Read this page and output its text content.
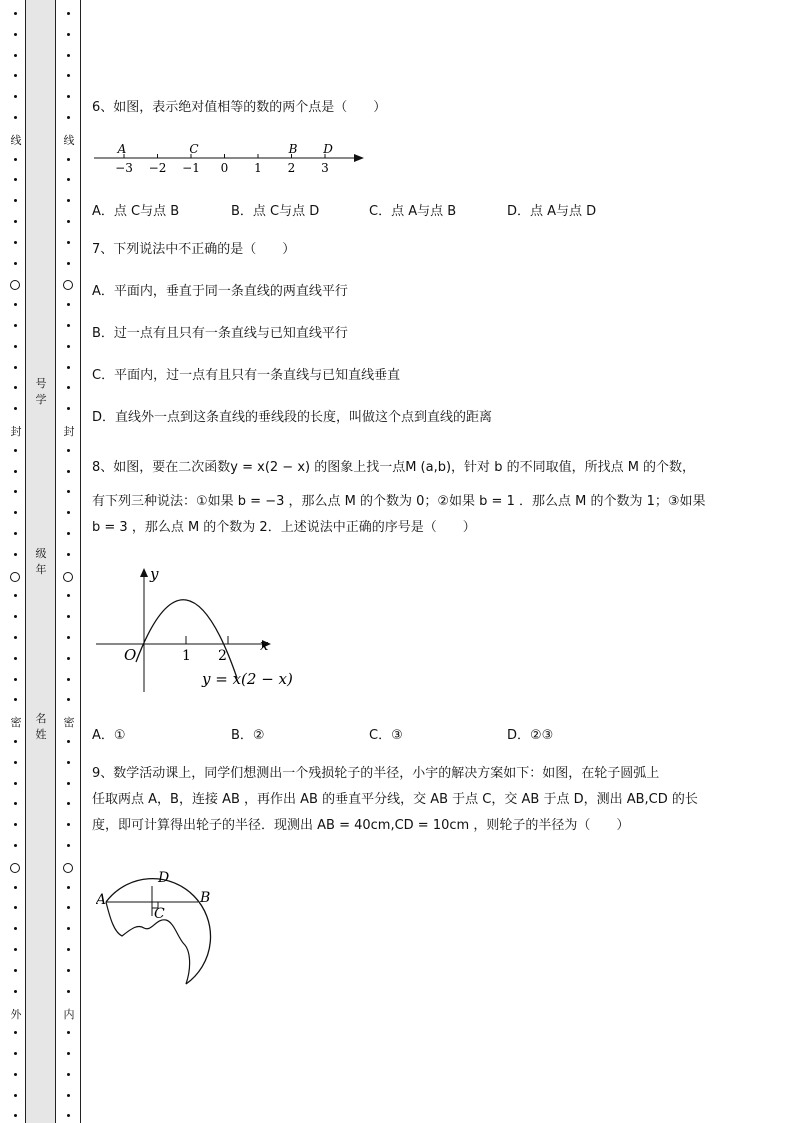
线
封
密
外
线
封
密
内
号学
级年
名姓
6、如图，表示绝对值相等的数的两个点是（　　）
−3 −2 −1 0 1 2 3
A	C	B D
A．点 C与点 B	B．点 C与点 D	C．点 A与点 B	D．点 A与点 D
7、下列说法中不正确的是（　　）
A．平面内，垂直于同一条直线的两直线平行
B．过一点有且只有一条直线与已知直线平行
C．平面内，过一点有且只有一条直线与已知直线垂直
D．直线外一点到这条直线的垂线段的长度，叫做这个点到直线的距离
8、如图，要在二次函数y = x(2 − x) 的图象上找一点M (a,b)，针对 b 的不同取值，所找点 M 的个数，
有下列三种说法：①如果 b = −3 ，那么点 M 的个数为 0；②如果 b = 1 ．那么点 M 的个数为 1；③如果
b = 3 ，那么点 M 的个数为 2．上述说法中正确的序号是（　　）
y
x
O	1 2
y = x(2 − x)
A．①	B．②	C．③	D．②③
9、数学活动课上，同学们想测出一个残损轮子的半径，小宇的解决方案如下：如图，在轮子圆弧上
任取两点 A，B，连接 AB ，再作出 AB 的垂直平分线，交 AB 于点 C，交 AB 于点 D，测出 AB,CD 的长
度，即可计算得出轮子的半径．现测出 AB = 40cm,CD = 10cm ，则轮子的半径为（　　）
A	B
C
D
